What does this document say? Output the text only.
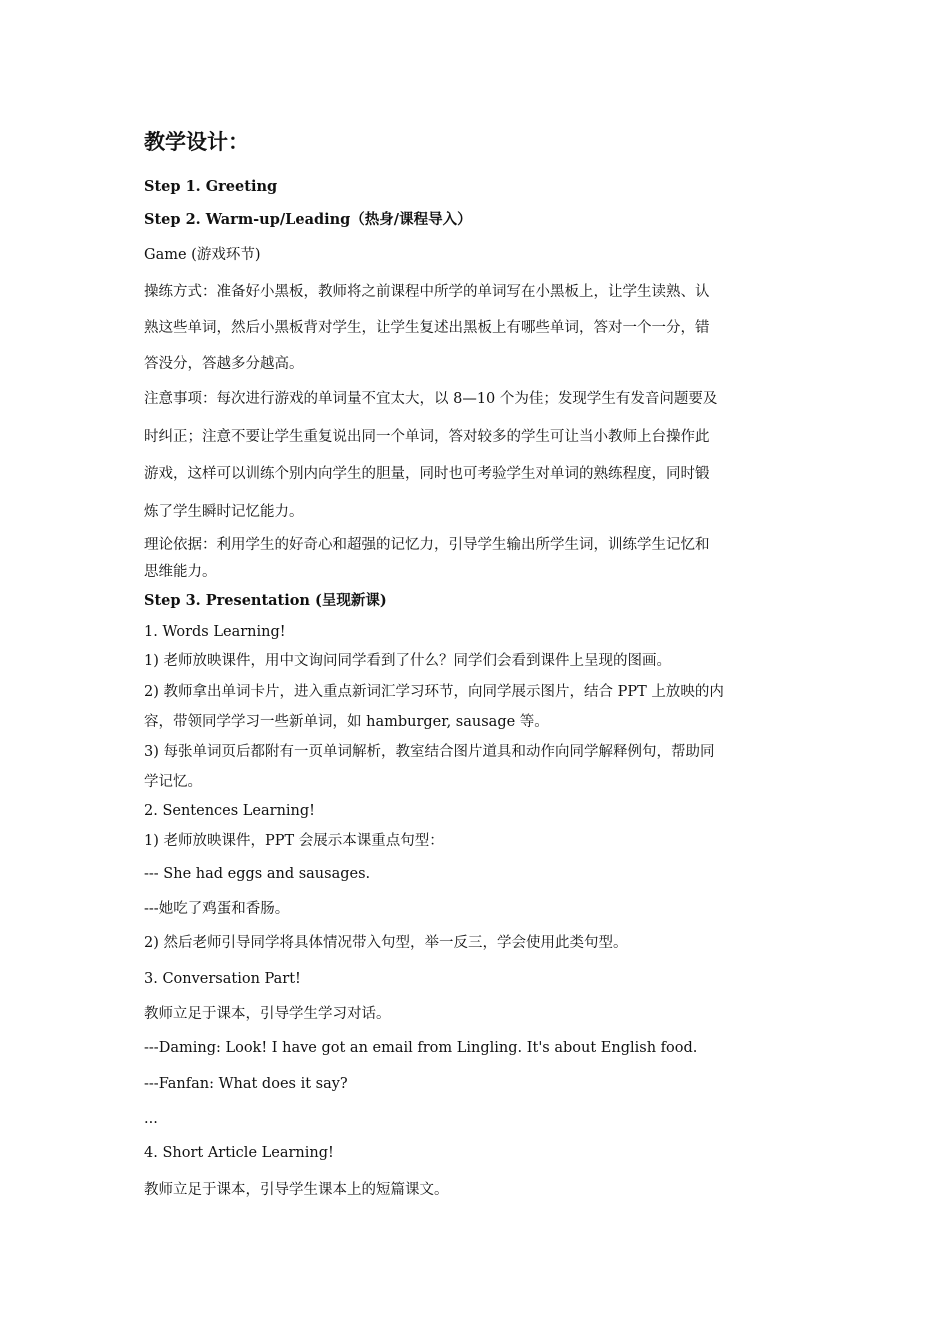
教学设计：
Step 1. Greeting
Step 2. Warm-up/Leading（热身/课程导入）
Game (游戏环节)
操练方式：准备好小黑板，教师将之前课程中所学的单词写在小黑板上，让学生读熟、认
熟这些单词，然后小黑板背对学生，让学生复述出黑板上有哪些单词，答对一个一分，错
答没分，答越多分越高。
注意事项：每次进行游戏的单词量不宜太大，以 8—10 个为佳；发现学生有发音问题要及
时纠正；注意不要让学生重复说出同一个单词，答对较多的学生可让当小教师上台操作此
游戏，这样可以训练个别内向学生的胆量，同时也可考验学生对单词的熟练程度，同时锻
炼了学生瞬时记忆能力。
理论依据：利用学生的好奇心和超强的记忆力，引导学生输出所学生词，训练学生记忆和
思维能力。
Step 3. Presentation (呈现新课)
1. Words Learning!
1) 老师放映课件，用中文询问同学看到了什么？同学们会看到课件上呈现的图画。
2) 教师拿出单词卡片，进入重点新词汇学习环节，向同学展示图片，结合 PPT 上放映的内
容，带领同学学习一些新单词，如 hamburger, sausage 等。
3) 每张单词页后都附有一页单词解析，教室结合图片道具和动作向同学解释例句，帮助同
学记忆。
2. Sentences Learning!
1) 老师放映课件，PPT 会展示本课重点句型：
--- She had eggs and sausages.
---她吃了鸡蛋和香肠。
2) 然后老师引导同学将具体情况带入句型，举一反三，学会使用此类句型。
3. Conversation Part!
教师立足于课本，引导学生学习对话。
---Daming: Look! I have got an email from Lingling. It's about English food.
---Fanfan: What does it say?
...
4. Short Article Learning!
教师立足于课本，引导学生课本上的短篇课文。
